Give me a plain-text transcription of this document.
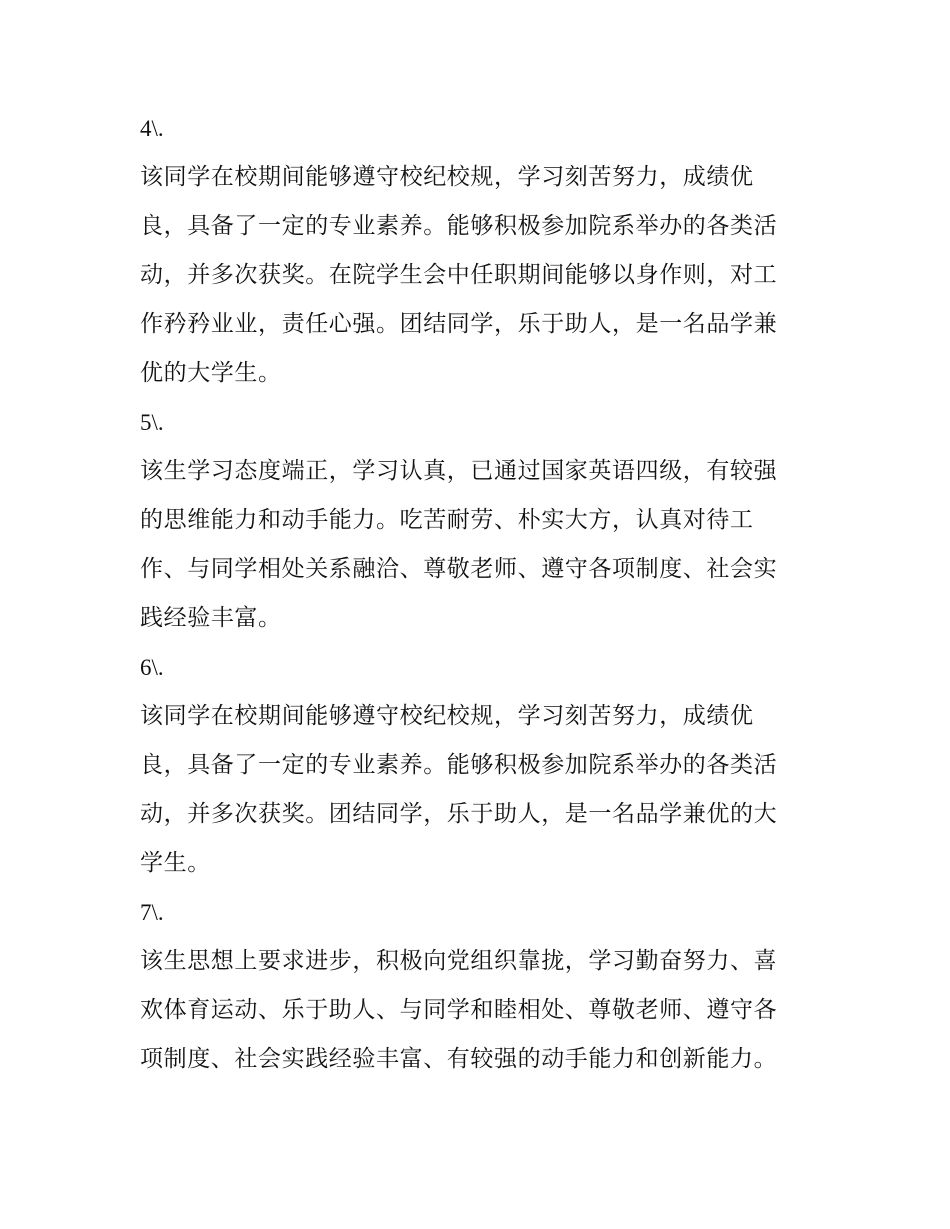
4\.

该同学在校期间能够遵守校纪校规，学习刻苦努力，成绩优

良，具备了一定的专业素养。能够积极参加院系举办的各类活

动，并多次获奖。在院学生会中任职期间能够以身作则，对工

作矜矜业业，责任心强。团结同学，乐于助人，是一名品学兼

优的大学生。

5\.

该生学习态度端正，学习认真，已通过国家英语四级，有较强

的思维能力和动手能力。吃苦耐劳、朴实大方，认真对待工

作、与同学相处关系融洽、尊敬老师、遵守各项制度、社会实

践经验丰富。

6\.

该同学在校期间能够遵守校纪校规，学习刻苦努力，成绩优

良，具备了一定的专业素养。能够积极参加院系举办的各类活

动，并多次获奖。团结同学，乐于助人，是一名品学兼优的大

学生。

7\.

该生思想上要求进步，积极向党组织靠拢，学习勤奋努力、喜

欢体育运动、乐于助人、与同学和睦相处、尊敬老师、遵守各

项制度、社会实践经验丰富、有较强的动手能力和创新能力。
